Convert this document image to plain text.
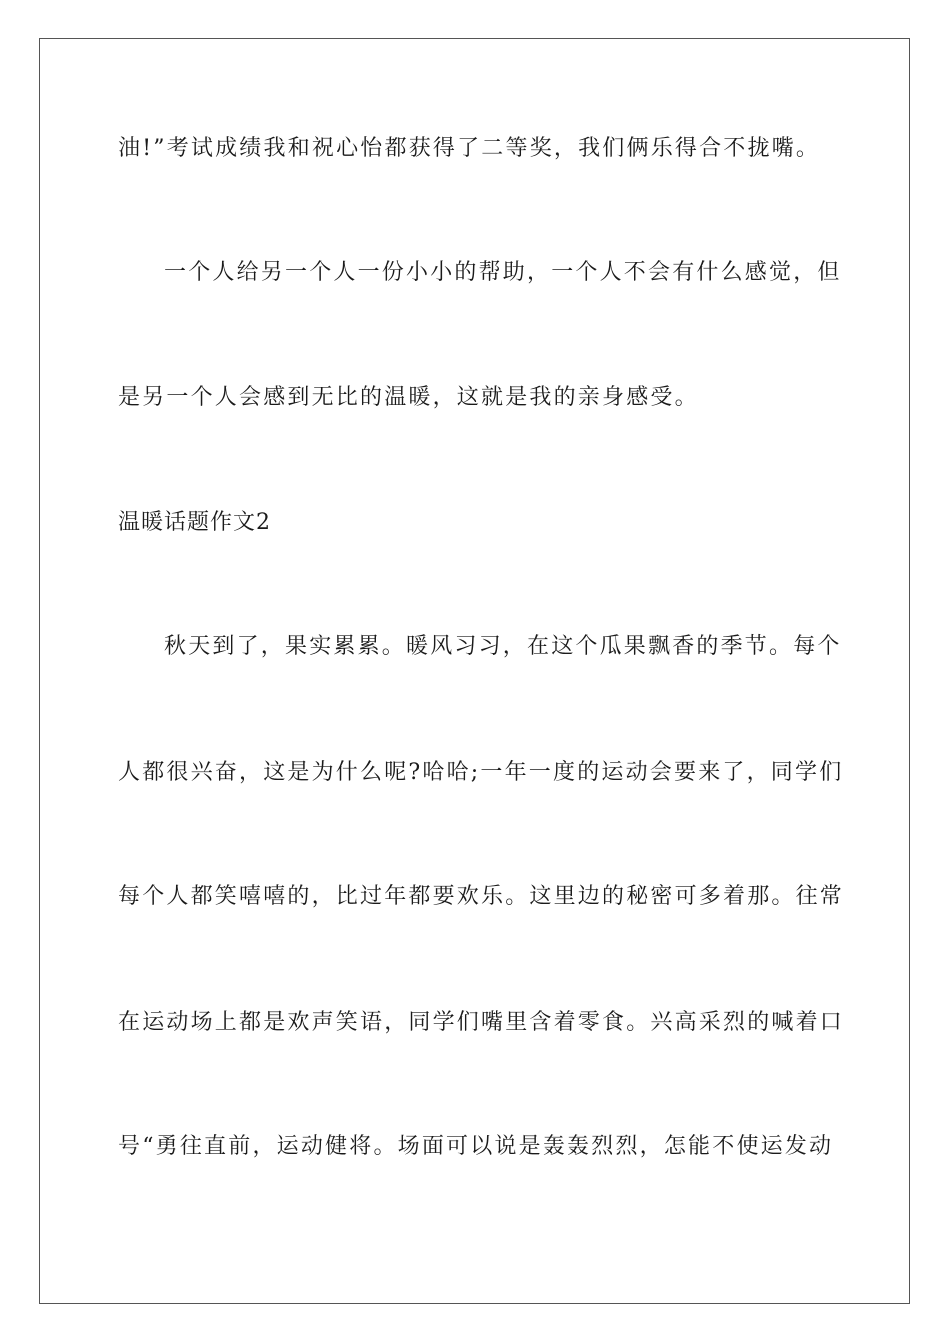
油!”考试成绩我和祝心怡都获得了二等奖，我们俩乐得合不拢嘴。
一个人给另一个人一份小小的帮助，一个人不会有什么感觉，但
是另一个人会感到无比的温暖，这就是我的亲身感受。
温暖话题作文2
秋天到了，果实累累。暖风习习，在这个瓜果飘香的季节。每个
人都很兴奋，这是为什么呢?哈哈;一年一度的运动会要来了，同学们
每个人都笑嘻嘻的，比过年都要欢乐。这里边的秘密可多着那。往常
在运动场上都是欢声笑语，同学们嘴里含着零食。兴高采烈的喊着口
号“勇往直前，运动健将。场面可以说是轰轰烈烈，怎能不使运发动
